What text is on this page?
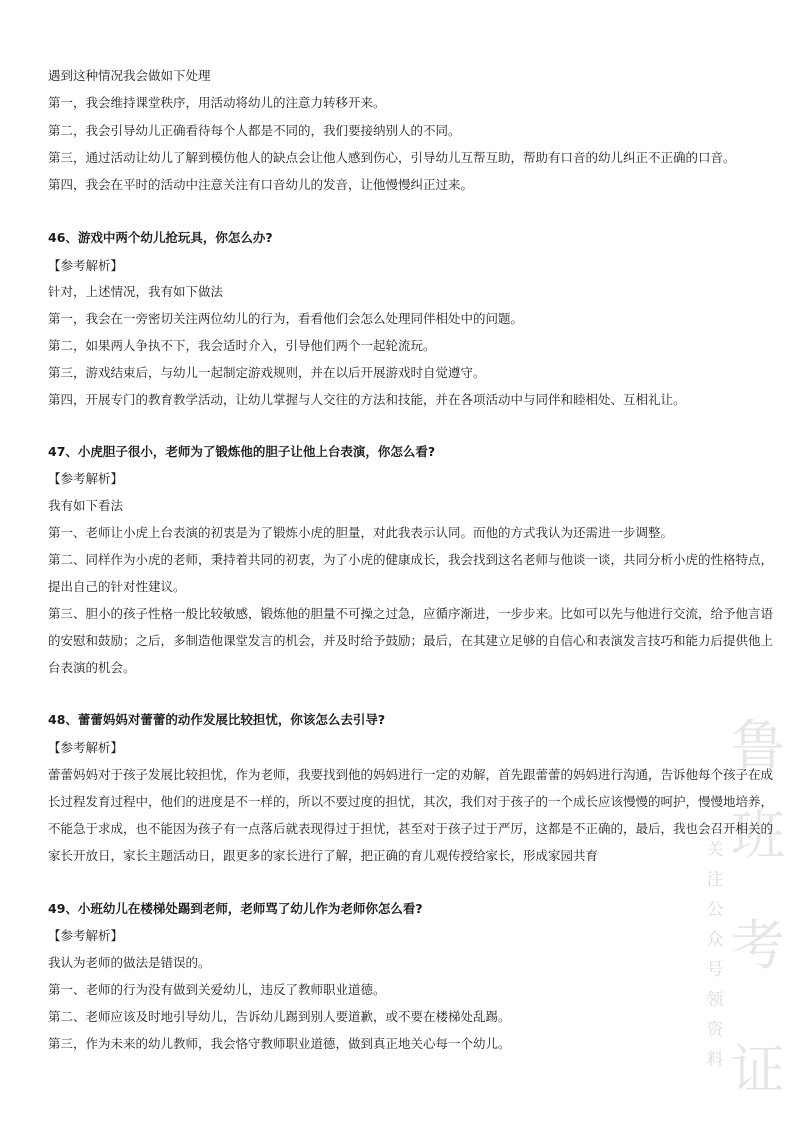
鲁
班
考
证
关
注
公
众
号
领
资
料
遇到这种情况我会做如下处理
第一，我会维持课堂秩序，用活动将幼儿的注意力转移开来。
第二，我会引导幼儿正确看待每个人都是不同的，我们要接纳别人的不同。
第三，通过活动让幼儿了解到模仿他人的缺点会让他人感到伤心，引导幼儿互帮互助，帮助有口音的幼儿纠正不正确的口音。
第四，我会在平时的活动中注意关注有口音幼儿的发音，让他慢慢纠正过来。
46、游戏中两个幼儿抢玩具，你怎么办?
【参考解析】
针对，上述情况，我有如下做法
第一，我会在一旁密切关注两位幼儿的行为，看看他们会怎么处理同伴相处中的问题。
第二，如果两人争执不下，我会适时介入，引导他们两个一起轮流玩。
第三，游戏结束后，与幼儿一起制定游戏规则，并在以后开展游戏时自觉遵守。
第四，开展专门的教育教学活动，让幼儿掌握与人交往的方法和技能，并在各项活动中与同伴和睦相处、互相礼让。
47、小虎胆子很小，老师为了锻炼他的胆子让他上台表演，你怎么看?
【参考解析】
我有如下看法
第一、老师让小虎上台表演的初衷是为了锻炼小虎的胆量，对此我表示认同。而他的方式我认为还需进一步调整。
第二、同样作为小虎的老师，秉持着共同的初衷，为了小虎的健康成长，我会找到这名老师与他谈一谈，共同分析小虎的性格特点，
提出自己的针对性建议。
第三、胆小的孩子性格一般比较敏感，锻炼他的胆量不可操之过急，应循序渐进，一步步来。比如可以先与他进行交流，给予他言语
的安慰和鼓励；之后，多制造他课堂发言的机会，并及时给予鼓励；最后，在其建立足够的自信心和表演发言技巧和能力后提供他上
台表演的机会。
48、蕾蕾妈妈对蕾蕾的动作发展比较担忧，你该怎么去引导?
【参考解析】
蕾蕾妈妈对于孩子发展比较担忧，作为老师，我要找到他的妈妈进行一定的劝解，首先跟蕾蕾的妈妈进行沟通，告诉他每个孩子在成
长过程发育过程中，他们的进度是不一样的，所以不要过度的担忧，其次，我们对于孩子的一个成长应该慢慢的呵护，慢慢地培养，
不能急于求成，也不能因为孩子有一点落后就表现得过于担忧，甚至对于孩子过于严厉，这都是不正确的，最后，我也会召开相关的
家长开放日，家长主题活动日，跟更多的家长进行了解，把正确的育儿观传授给家长，形成家园共育
49、小班幼儿在楼梯处踢到老师，老师骂了幼儿作为老师你怎么看?
【参考解析】
我认为老师的做法是错误的。
第一、老师的行为没有做到关爱幼儿，违反了教师职业道德。
第二、老师应该及时地引导幼儿，告诉幼儿踢到别人要道歉，或不要在楼梯处乱踢。
第三，作为未来的幼儿教师，我会恪守教师职业道德，做到真正地关心每一个幼儿。
